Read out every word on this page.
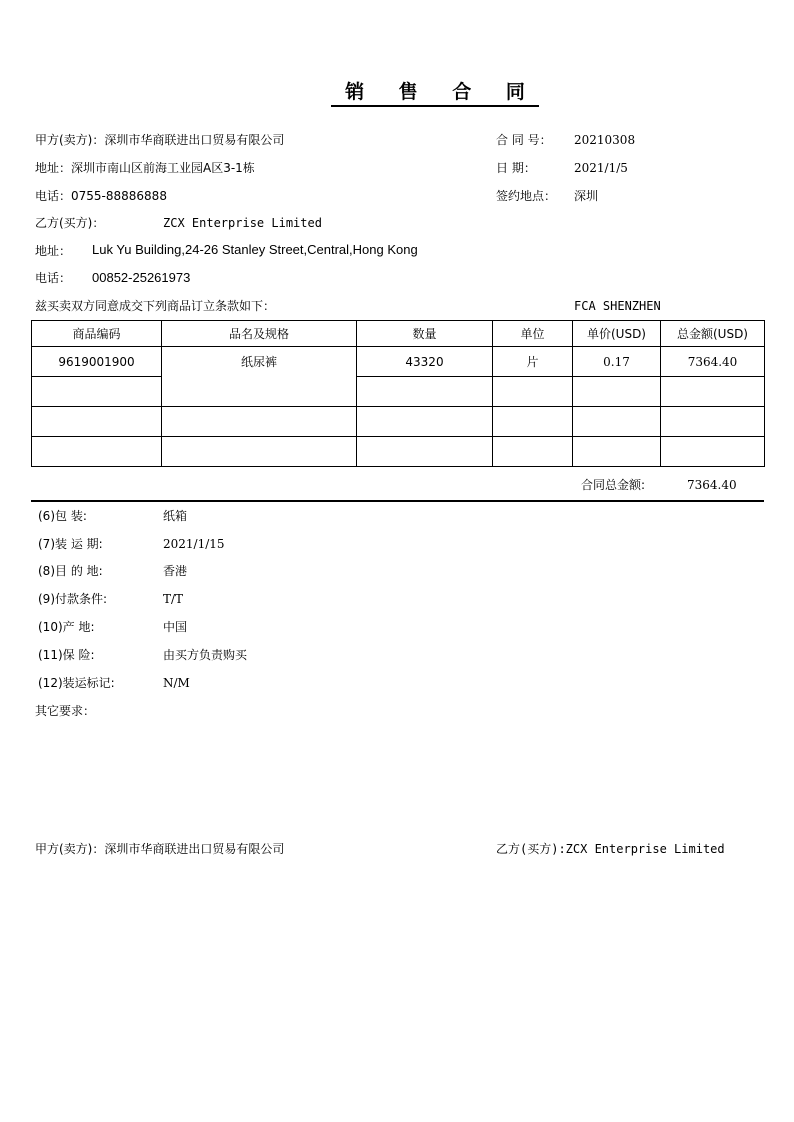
销 售 合 同
甲方(卖方)：深圳市华商联进出口贸易有限公司
地址：深圳市南山区前海工业园A区3-1栋
电话：0755-88886888
合 同 号： 20210308
日 期：	2021/1/5
签约地点： 深圳
乙方(买方)：	ZCX Enterprise Limited
地址： Luk Yu Building,24-26 Stanley Street,Central,Hong Kong
电话： 00852-25261973
兹买卖双方同意成交下列商品订立条款如下：	FCA SHENZHEN
商品编码	品名及规格	数量	单位	单价(USD)	总金额(USD)
9619001900	纸尿裤	43320	片	0.17	7364.40

合同总金额:	7364.40
(6)包 装:	纸箱
(7)装 运 期:	2021/1/15
(8)目 的 地:	香港
(9)付款条件:	T/T
(10)产 地:	中国
(11)保 险:	由买方负责购买
(12)装运标记:	N/M
其它要求：
甲方(卖方)：深圳市华商联进出口贸易有限公司	乙方(买方):ZCX Enterprise Limited
